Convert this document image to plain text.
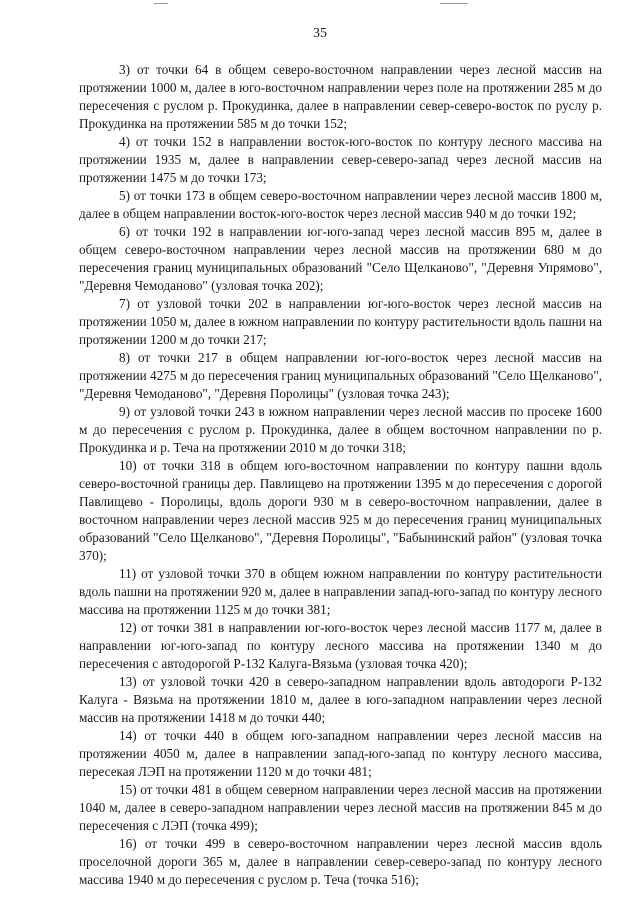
35

3) от точки 64 в общем северо-восточном направлении через лесной массив на протяжении 1000 м, далее в юго-восточном направлении через поле на протяжении 285 м до пересечения с руслом р. Прокудинка, далее в направлении север-северо-восток по руслу р. Прокудинка на протяжении 585 м до точки 152;

4) от точки 152 в направлении восток-юго-восток по контуру лесного массива на протяжении 1935 м, далее в направлении север-северо-запад через лесной массив на протяжении 1475 м до точки 173;

5) от точки 173 в общем северо-восточном направлении через лесной массив 1800 м, далее в общем направлении восток-юго-восток через лесной массив 940 м до точки 192;

6) от точки 192 в направлении юг-юго-запад через лесной массив 895 м, далее в общем северо-восточном направлении через лесной массив на протяжении 680 м до пересечения границ муниципальных образований "Село Щелканово", "Деревня Упрямово", "Деревня Чемоданово" (узловая точка 202);

7) от узловой точки 202 в направлении юг-юго-восток через лесной массив на протяжении 1050 м, далее в южном направлении по контуру растительности вдоль пашни на протяжении 1200 м до точки 217;

8) от точки 217 в общем направлении юг-юго-восток через лесной массив на протяжении 4275 м до пересечения границ муниципальных образований "Село Щелканово", "Деревня Чемоданово", "Деревня Поролицы" (узловая точка 243);

9) от узловой точки 243 в южном направлении через лесной массив по просеке 1600 м до пересечения с руслом р. Прокудинка, далее в общем восточном направлении по р. Прокудинка и р. Теча на протяжении 2010 м до точки 318;

10) от точки 318 в общем юго-восточном направлении по контуру пашни вдоль северо-восточной границы дер. Павлищево на протяжении 1395 м до пересечения с дорогой Павлищево - Поролицы, вдоль дороги 930 м в северо-восточном направлении, далее в восточном направлении через лесной массив 925 м до пересечения границ муниципальных образований "Село Щелканово", "Деревня Поролицы", "Бабынинский район" (узловая точка 370);

11) от узловой точки 370 в общем южном направлении по контуру растительности вдоль пашни на протяжении 920 м, далее в направлении запад-юго-запад по контуру лесного массива на протяжении 1125 м до точки 381;

12) от точки 381 в направлении юг-юго-восток через лесной массив 1177 м, далее в направлении юг-юго-запад по контуру лесного массива на протяжении 1340 м до пересечения с автодорогой Р-132 Калуга-Вязьма (узловая точка 420);

13) от узловой точки 420 в северо-западном направлении вдоль автодороги Р-132 Калуга - Вязьма на протяжении 1810 м, далее в юго-западном направлении через лесной массив на протяжении 1418 м до точки 440;

14) от точки 440 в общем юго-западном направлении через лесной массив на протяжении 4050 м, далее в направлении запад-юго-запад по контуру лесного массива, пересекая ЛЭП на протяжении 1120 м до точки 481;

15) от точки 481 в общем северном направлении через лесной массив на протяжении 1040 м, далее в северо-западном направлении через лесной массив на протяжении 845 м до пересечения с ЛЭП (точка 499);

16) от точки 499 в северо-восточном направлении через лесной массив вдоль проселочной дороги 365 м, далее в направлении север-северо-запад по контуру лесного массива 1940 м до пересечения с руслом р. Теча (точка 516);
